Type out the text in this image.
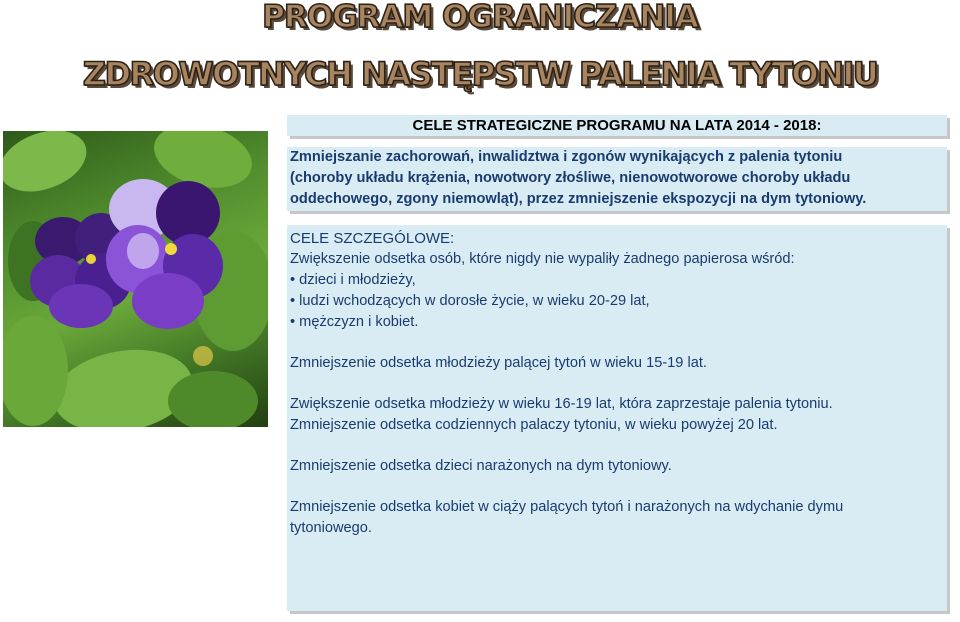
PROGRAM OGRANICZANIA
ZDROWOTNYCH NASTĘPSTW PALENIA TYTONIU
CELE STRATEGICZNE PROGRAMU NA LATA 2014 - 2018:
Zmniejszanie zachorowań, inwalidztwa i zgonów wynikających z palenia tytoniu
(choroby układu krążenia, nowotwory złośliwe, nienowotworowe choroby układu
oddechowego, zgony niemowląt), przez zmniejszenie ekspozycji na dym tytoniowy.
CELE SZCZEGÓLOWE:
Zwiększenie odsetka osób, które nigdy nie wypaliły żadnego papierosa wśród:
• dzieci i młodzieży,
• ludzi wchodzących w dorosłe życie, w wieku 20-29 lat,
• mężczyzn i kobiet.
Zmniejszenie odsetka młodzieży palącej tytoń w wieku 15-19 lat.
Zwiększenie odsetka młodzieży w wieku 16-19 lat, która zaprzestaje palenia tytoniu.
Zmniejszenie odsetka codziennych palaczy tytoniu, w wieku powyżej 20 lat.
Zmniejszenie odsetka dzieci narażonych na dym tytoniowy.
Zmniejszenie odsetka kobiet w ciąży palących tytoń i narażonych na wdychanie dymu
tytoniowego.
